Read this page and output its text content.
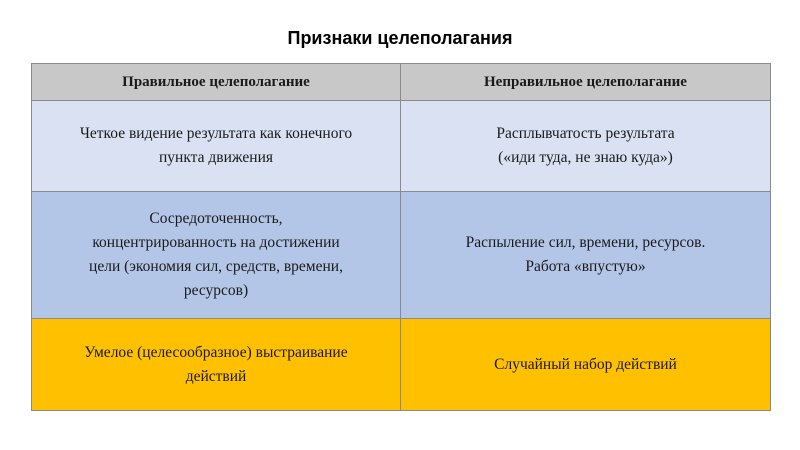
Признаки целеполагания
Правильное целеполагание	Неправильное целеполагание

Четкое видение результата как конечного
пункта движения	Расплывчатость результата
(«иди туда, не знаю куда»)

Сосредоточенность,
концентрированность на достижении
цели (экономия сил, средств, времени,
ресурсов)	Распыление сил, времени, ресурсов.
Работа «впустую»

Умелое (целесообразное) выстраивание
действий	Случайный набор действий
